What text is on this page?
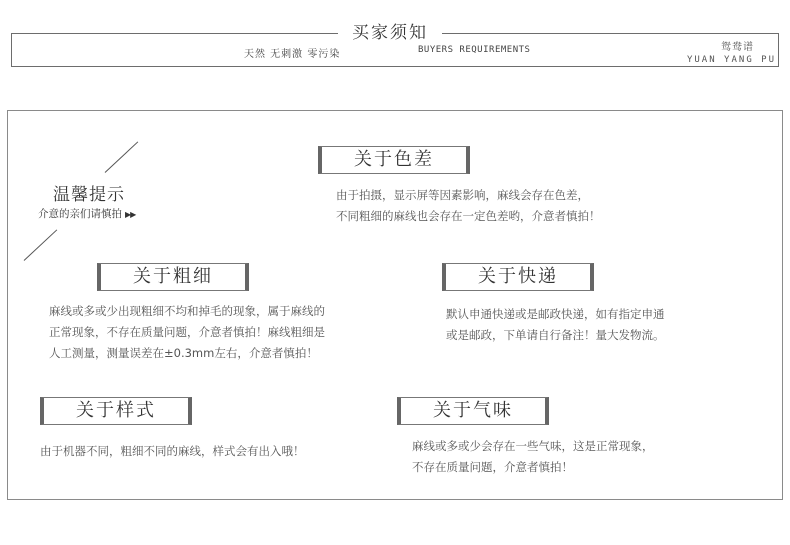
买家须知
天然 无刺激 零污染	BUYERS REQUIREMENTS	鸳鸯谱
YUAN YANG PU
温馨提示
介意的亲们请慎拍 ▶▶
关于色差
由于拍摄，显示屏等因素影响，麻线会存在色差，
不同粗细的麻线也会存在一定色差哟，介意者慎拍！
关于粗细
麻线或多或少出现粗细不均和掉毛的现象，属于麻线的
正常现象，不存在质量问题，介意者慎拍！麻线粗细是
人工测量，测量误差在±0.3mm左右，介意者慎拍！
关于快递
默认申通快递或是邮政快递，如有指定申通
或是邮政，下单请自行备注！量大发物流。
关于样式
由于机器不同，粗细不同的麻线，样式会有出入哦！
关于气味
麻线或多或少会存在一些气味，这是正常现象，
不存在质量问题，介意者慎拍！
